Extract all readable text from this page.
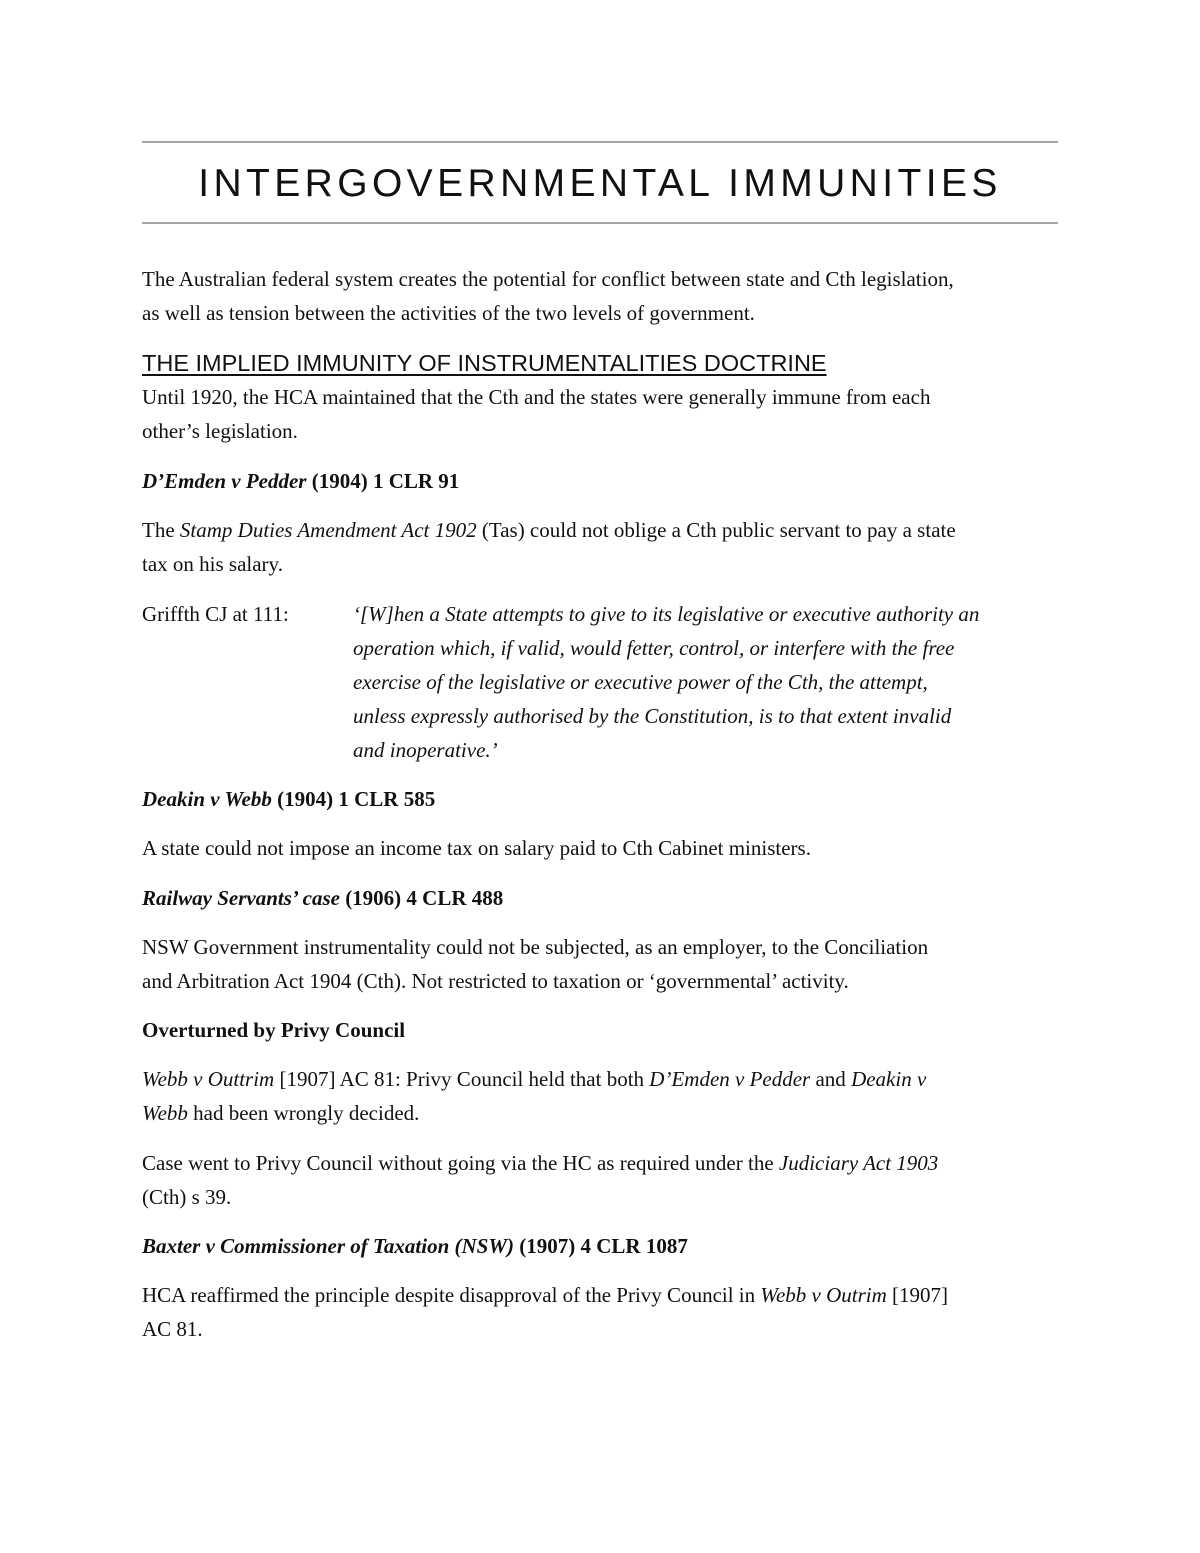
INTERGOVERNMENTAL IMMUNITIES

The Australian federal system creates the potential for conflict between state and Cth legislation,
as well as tension between the activities of the two levels of government.

THE IMPLIED IMMUNITY OF INSTRUMENTALITIES DOCTRINE

Until 1920, the HCA maintained that the Cth and the states were generally immune from each
other’s legislation.

D’Emden v Pedder (1904) 1 CLR 91

The Stamp Duties Amendment Act 1902 (Tas) could not oblige a Cth public servant to pay a state
tax on his salary.

Griffth CJ at 111:	‘[W]hen a State attempts to give to its legislative or executive authority an
operation which, if valid, would fetter, control, or interfere with the free
exercise of the legislative or executive power of the Cth, the attempt,
unless expressly authorised by the Constitution, is to that extent invalid
and inoperative.’

Deakin v Webb (1904) 1 CLR 585

A state could not impose an income tax on salary paid to Cth Cabinet ministers.

Railway Servants’ case (1906) 4 CLR 488

NSW Government instrumentality could not be subjected, as an employer, to the Conciliation
and Arbitration Act 1904 (Cth). Not restricted to taxation or ‘governmental’ activity.

Overturned by Privy Council

Webb v Outtrim [1907] AC 81: Privy Council held that both D’Emden v Pedder and Deakin v
Webb had been wrongly decided.

Case went to Privy Council without going via the HC as required under the Judiciary Act 1903
(Cth) s 39.

Baxter v Commissioner of Taxation (NSW) (1907) 4 CLR 1087

HCA reaffirmed the principle despite disapproval of the Privy Council in Webb v Outrim [1907]
AC 81.
